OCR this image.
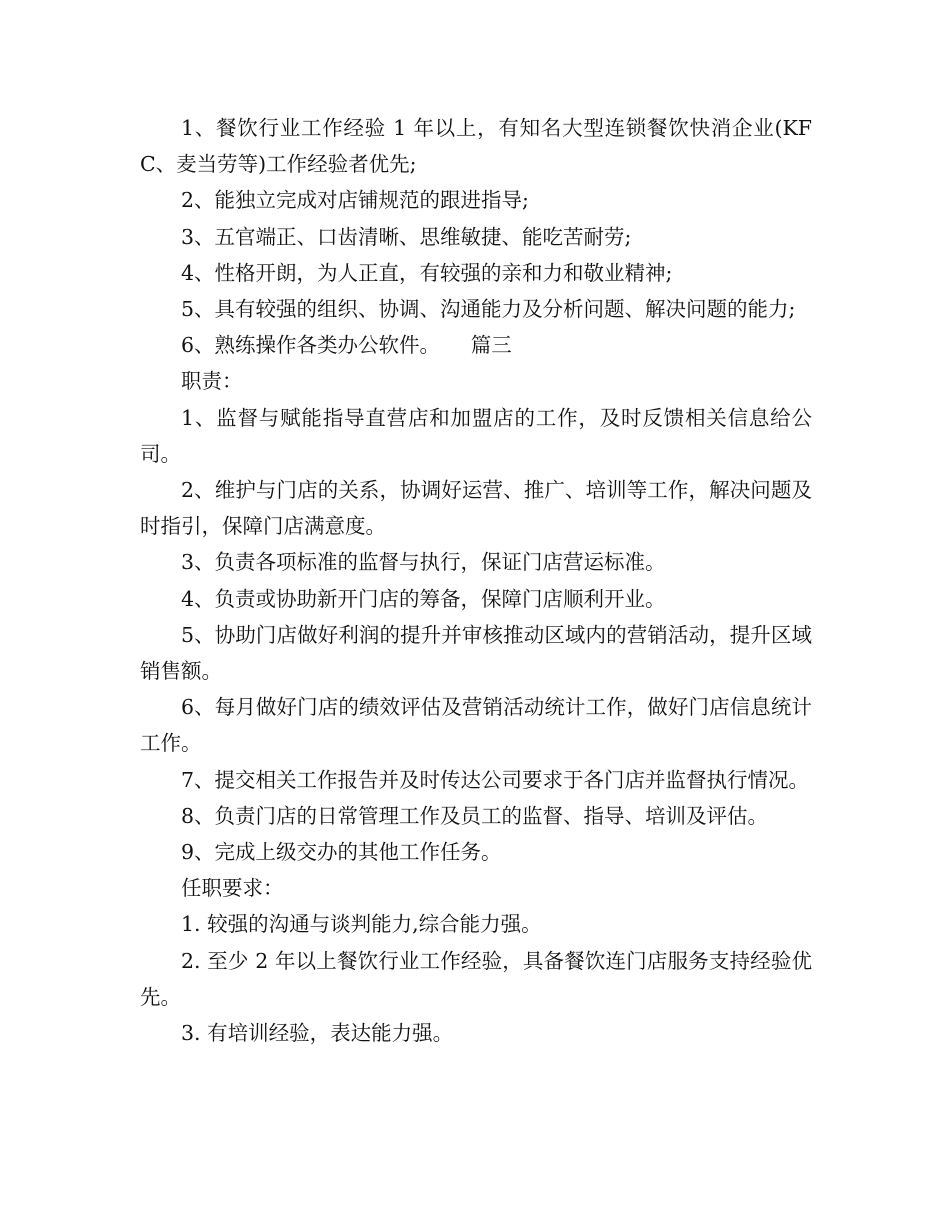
1、餐饮行业工作经验 1 年以上，有知名大型连锁餐饮快消企业(KFC、麦当劳等)工作经验者优先;

2、能独立完成对店铺规范的跟进指导;

3、五官端正、口齿清晰、思维敏捷、能吃苦耐劳;

4、性格开朗，为人正直，有较强的亲和力和敬业精神;

5、具有较强的组织、协调、沟通能力及分析问题、解决问题的能力;

6、熟练操作各类办公软件。　　篇三

职责：

1、监督与赋能指导直营店和加盟店的工作，及时反馈相关信息给公司。

2、维护与门店的关系，协调好运营、推广、培训等工作，解决问题及时指引，保障门店满意度。

3、负责各项标准的监督与执行，保证门店营运标准。

4、负责或协助新开门店的筹备，保障门店顺利开业。

5、协助门店做好利润的提升并审核推动区域内的营销活动，提升区域销售额。

6、每月做好门店的绩效评估及营销活动统计工作，做好门店信息统计工作。

7、提交相关工作报告并及时传达公司要求于各门店并监督执行情况。

8、负责门店的日常管理工作及员工的监督、指导、培训及评估。

9、完成上级交办的其他工作任务。

任职要求：

1. 较强的沟通与谈判能力,综合能力强。

2. 至少 2 年以上餐饮行业工作经验，具备餐饮连门店服务支持经验优先。

3. 有培训经验，表达能力强。
